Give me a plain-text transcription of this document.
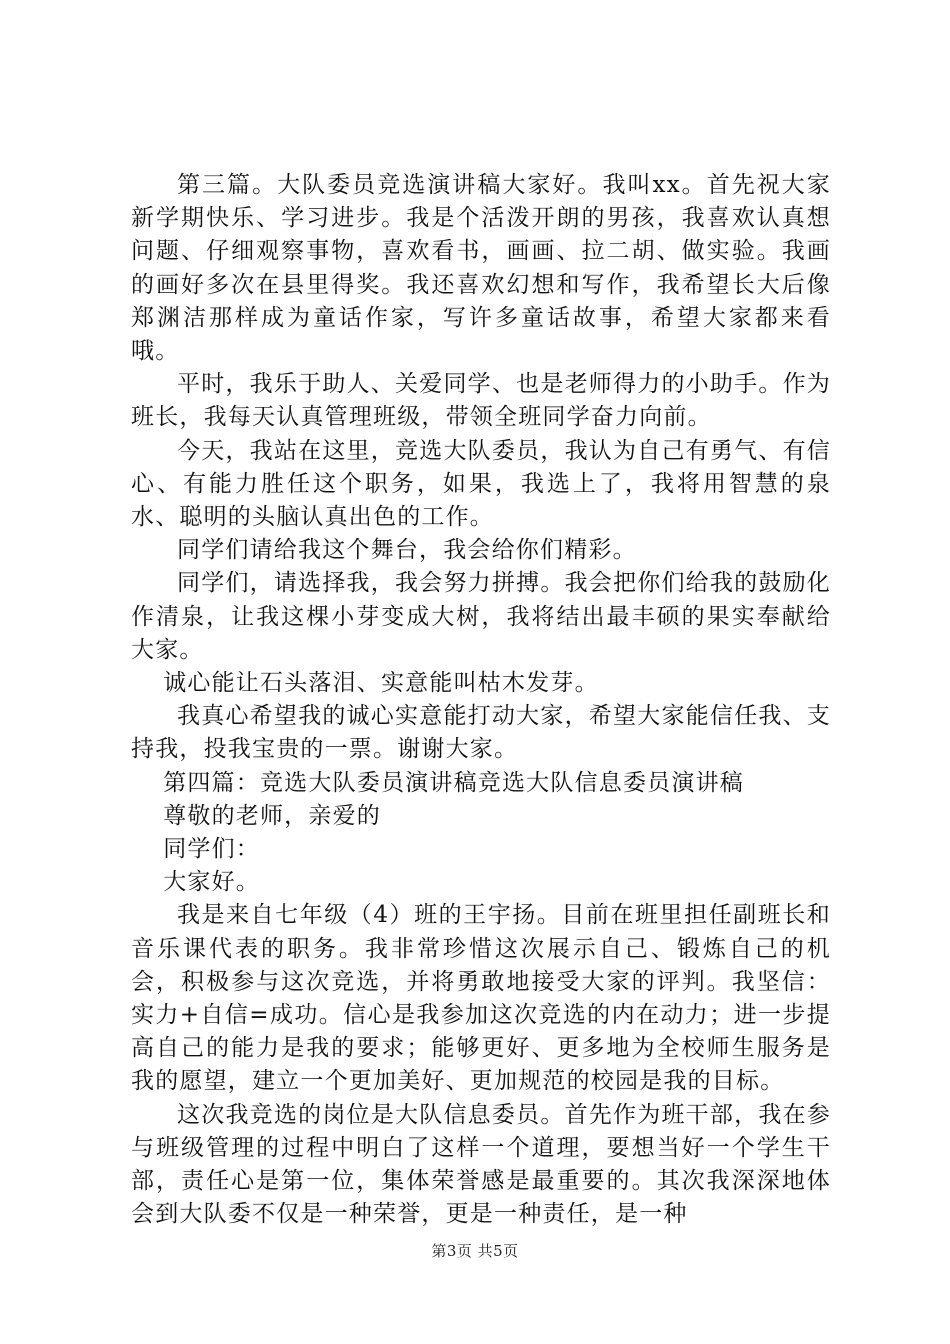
第三篇。大队委员竞选演讲稿大家好。我叫xx。首先祝大家新学期快乐、学习进步。我是个活泼开朗的男孩，我喜欢认真想问题、仔细观察事物，喜欢看书，画画、拉二胡、做实验。我画的画好多次在县里得奖。我还喜欢幻想和写作，我希望长大后像郑渊洁那样成为童话作家，写许多童话故事，希望大家都来看哦。

平时，我乐于助人、关爱同学、也是老师得力的小助手。作为班长，我每天认真管理班级，带领全班同学奋力向前。

今天，我站在这里，竞选大队委员，我认为自己有勇气、有信心、有能力胜任这个职务，如果，我选上了，我将用智慧的泉水、聪明的头脑认真出色的工作。

同学们请给我这个舞台，我会给你们精彩。

同学们，请选择我，我会努力拼搏。我会把你们给我的鼓励化作清泉，让我这棵小芽变成大树，我将结出最丰硕的果实奉献给大家。

诚心能让石头落泪、实意能叫枯木发芽。

我真心希望我的诚心实意能打动大家，希望大家能信任我、支持我，投我宝贵的一票。谢谢大家。

第四篇：竞选大队委员演讲稿竞选大队信息委员演讲稿

尊敬的老师，亲爱的

同学们：

大家好。

我是来自七年级（4）班的王宇扬。目前在班里担任副班长和音乐课代表的职务。我非常珍惜这次展示自己、锻炼自己的机会，积极参与这次竞选，并将勇敢地接受大家的评判。我坚信：实力+自信=成功。信心是我参加这次竞选的内在动力；进一步提高自己的能力是我的要求；能够更好、更多地为全校师生服务是我的愿望，建立一个更加美好、更加规范的校园是我的目标。

这次我竞选的岗位是大队信息委员。首先作为班干部，我在参与班级管理的过程中明白了这样一个道理，要想当好一个学生干部，责任心是第一位，集体荣誉感是最重要的。其次我深深地体会到大队委不仅是一种荣誉，更是一种责任，是一种

第3页 共5页
